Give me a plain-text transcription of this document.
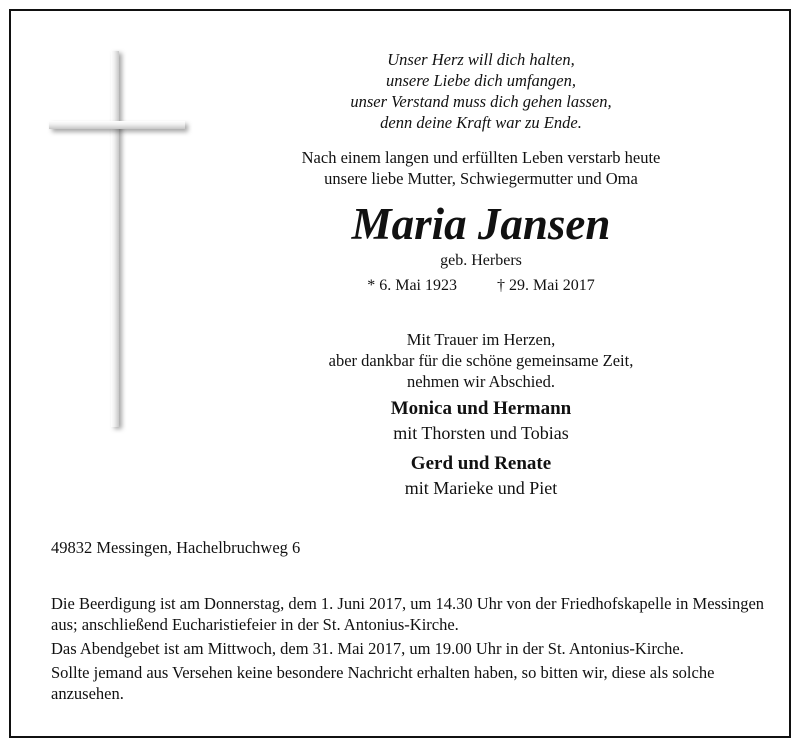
Unser Herz will dich halten,
unsere Liebe dich umfangen,
unser Verstand muss dich gehen lassen,
denn deine Kraft war zu Ende.
Nach einem langen und erfüllten Leben verstarb heute
unsere liebe Mutter, Schwiegermutter und Oma
Maria Jansen
geb. Herbers
* 6. Mai 1923	† 29. Mai 2017
Mit Trauer im Herzen,
aber dankbar für die schöne gemeinsame Zeit,
nehmen wir Abschied.
Monica und Hermann
mit Thorsten und Tobias
Gerd und Renate
mit Marieke und Piet
49832 Messingen, Hachelbruchweg 6

Die Beerdigung ist am Donnerstag, dem 1. Juni 2017, um 14.30 Uhr von der Friedhofskapelle in Messingen aus; anschließend Eucharistiefeier in der St. Antonius-Kirche.

Das Abendgebet ist am Mittwoch, dem 31. Mai 2017, um 19.00 Uhr in der St. Antonius-Kirche.

Sollte jemand aus Versehen keine besondere Nachricht erhalten haben, so bitten wir, diese als solche anzusehen.
